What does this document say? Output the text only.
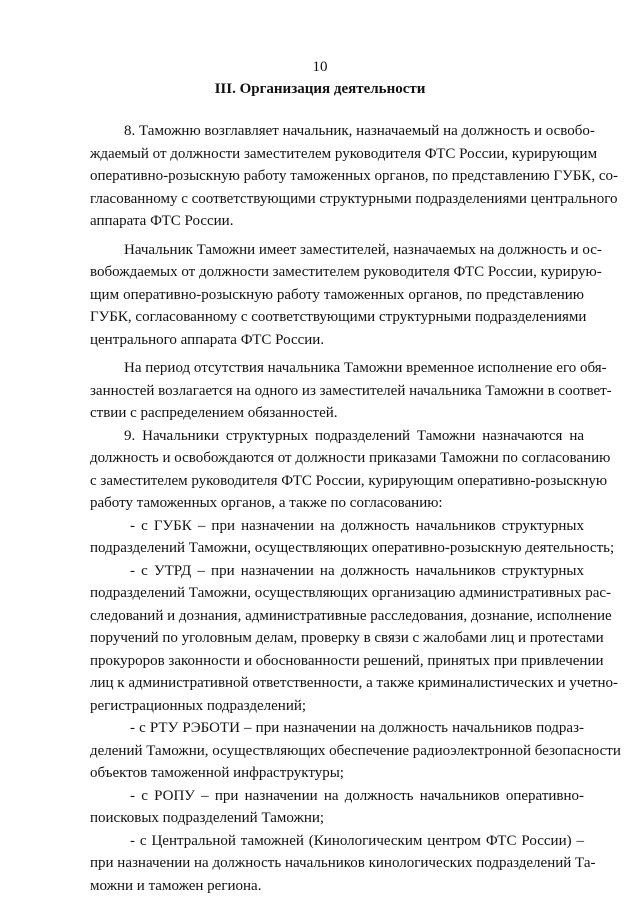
10
III. Организация деятельности
8. Таможню возглавляет начальник, назначаемый на должность и освобо-
ждаемый от должности заместителем руководителя ФТС России, курирующим
оперативно-розыскную работу таможенных органов, по представлению ГУБК, со-
гласованному с соответствующими структурными подразделениями центрального
аппарата ФТС России.
Начальник Таможни имеет заместителей, назначаемых на должность и ос-
вобождаемых от должности заместителем руководителя ФТС России, курирую-
щим оперативно-розыскную работу таможенных органов, по представлению
ГУБК, согласованному с соответствующими структурными подразделениями
центрального аппарата ФТС России.
На период отсутствия начальника Таможни временное исполнение его обя-
занностей возлагается на одного из заместителей начальника Таможни в соответ-
ствии с распределением обязанностей.
9. Начальники структурных подразделений Таможни назначаются на
должность и освобождаются от должности приказами Таможни по согласованию
с заместителем руководителя ФТС России, курирующим оперативно-розыскную
работу таможенных органов, а также по согласованию:
- с ГУБК – при назначении на должность начальников структурных
подразделений Таможни, осуществляющих оперативно-розыскную деятельность;
- с УТРД – при назначении на должность начальников структурных
подразделений Таможни, осуществляющих организацию административных рас-
следований и дознания, административные расследования, дознание, исполнение
поручений по уголовным делам, проверку в связи с жалобами лиц и протестами
прокуроров законности и обоснованности решений, принятых при привлечении
лиц к административной ответственности, а также криминалистических и учетно-
регистрационных подразделений;
- с РТУ РЭБОТИ – при назначении на должность начальников подраз-
делений Таможни, осуществляющих обеспечение радиоэлектронной безопасности
объектов таможенной инфраструктуры;
- с РОПУ – при назначении на должность начальников оперативно-
поисковых подразделений Таможни;
- с Центральной таможней (Кинологическим центром ФТС России) –
при назначении на должность начальников кинологических подразделений Та-
можни и таможен региона.
